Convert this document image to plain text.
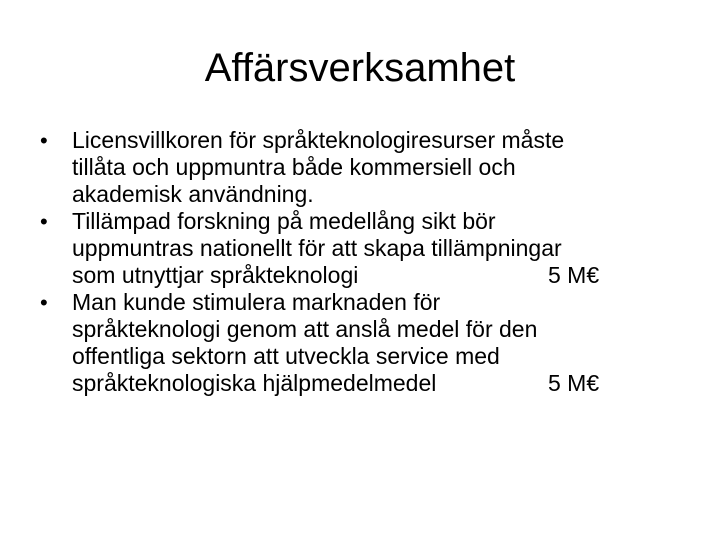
Affärsverksamhet
• Licensvillkoren för språkteknologiresurser måste
tillåta och uppmuntra både kommersiell och
akademisk användning.
• Tillämpad forskning på medellång sikt bör
uppmuntras nationellt för att skapa tillämpningar
som utnyttjar språkteknologi	5 M€
• Man kunde stimulera marknaden för
språkteknologi genom att anslå medel för den
offentliga sektorn att utveckla service med
språkteknologiska hjälpmedelmedel	5 M€
